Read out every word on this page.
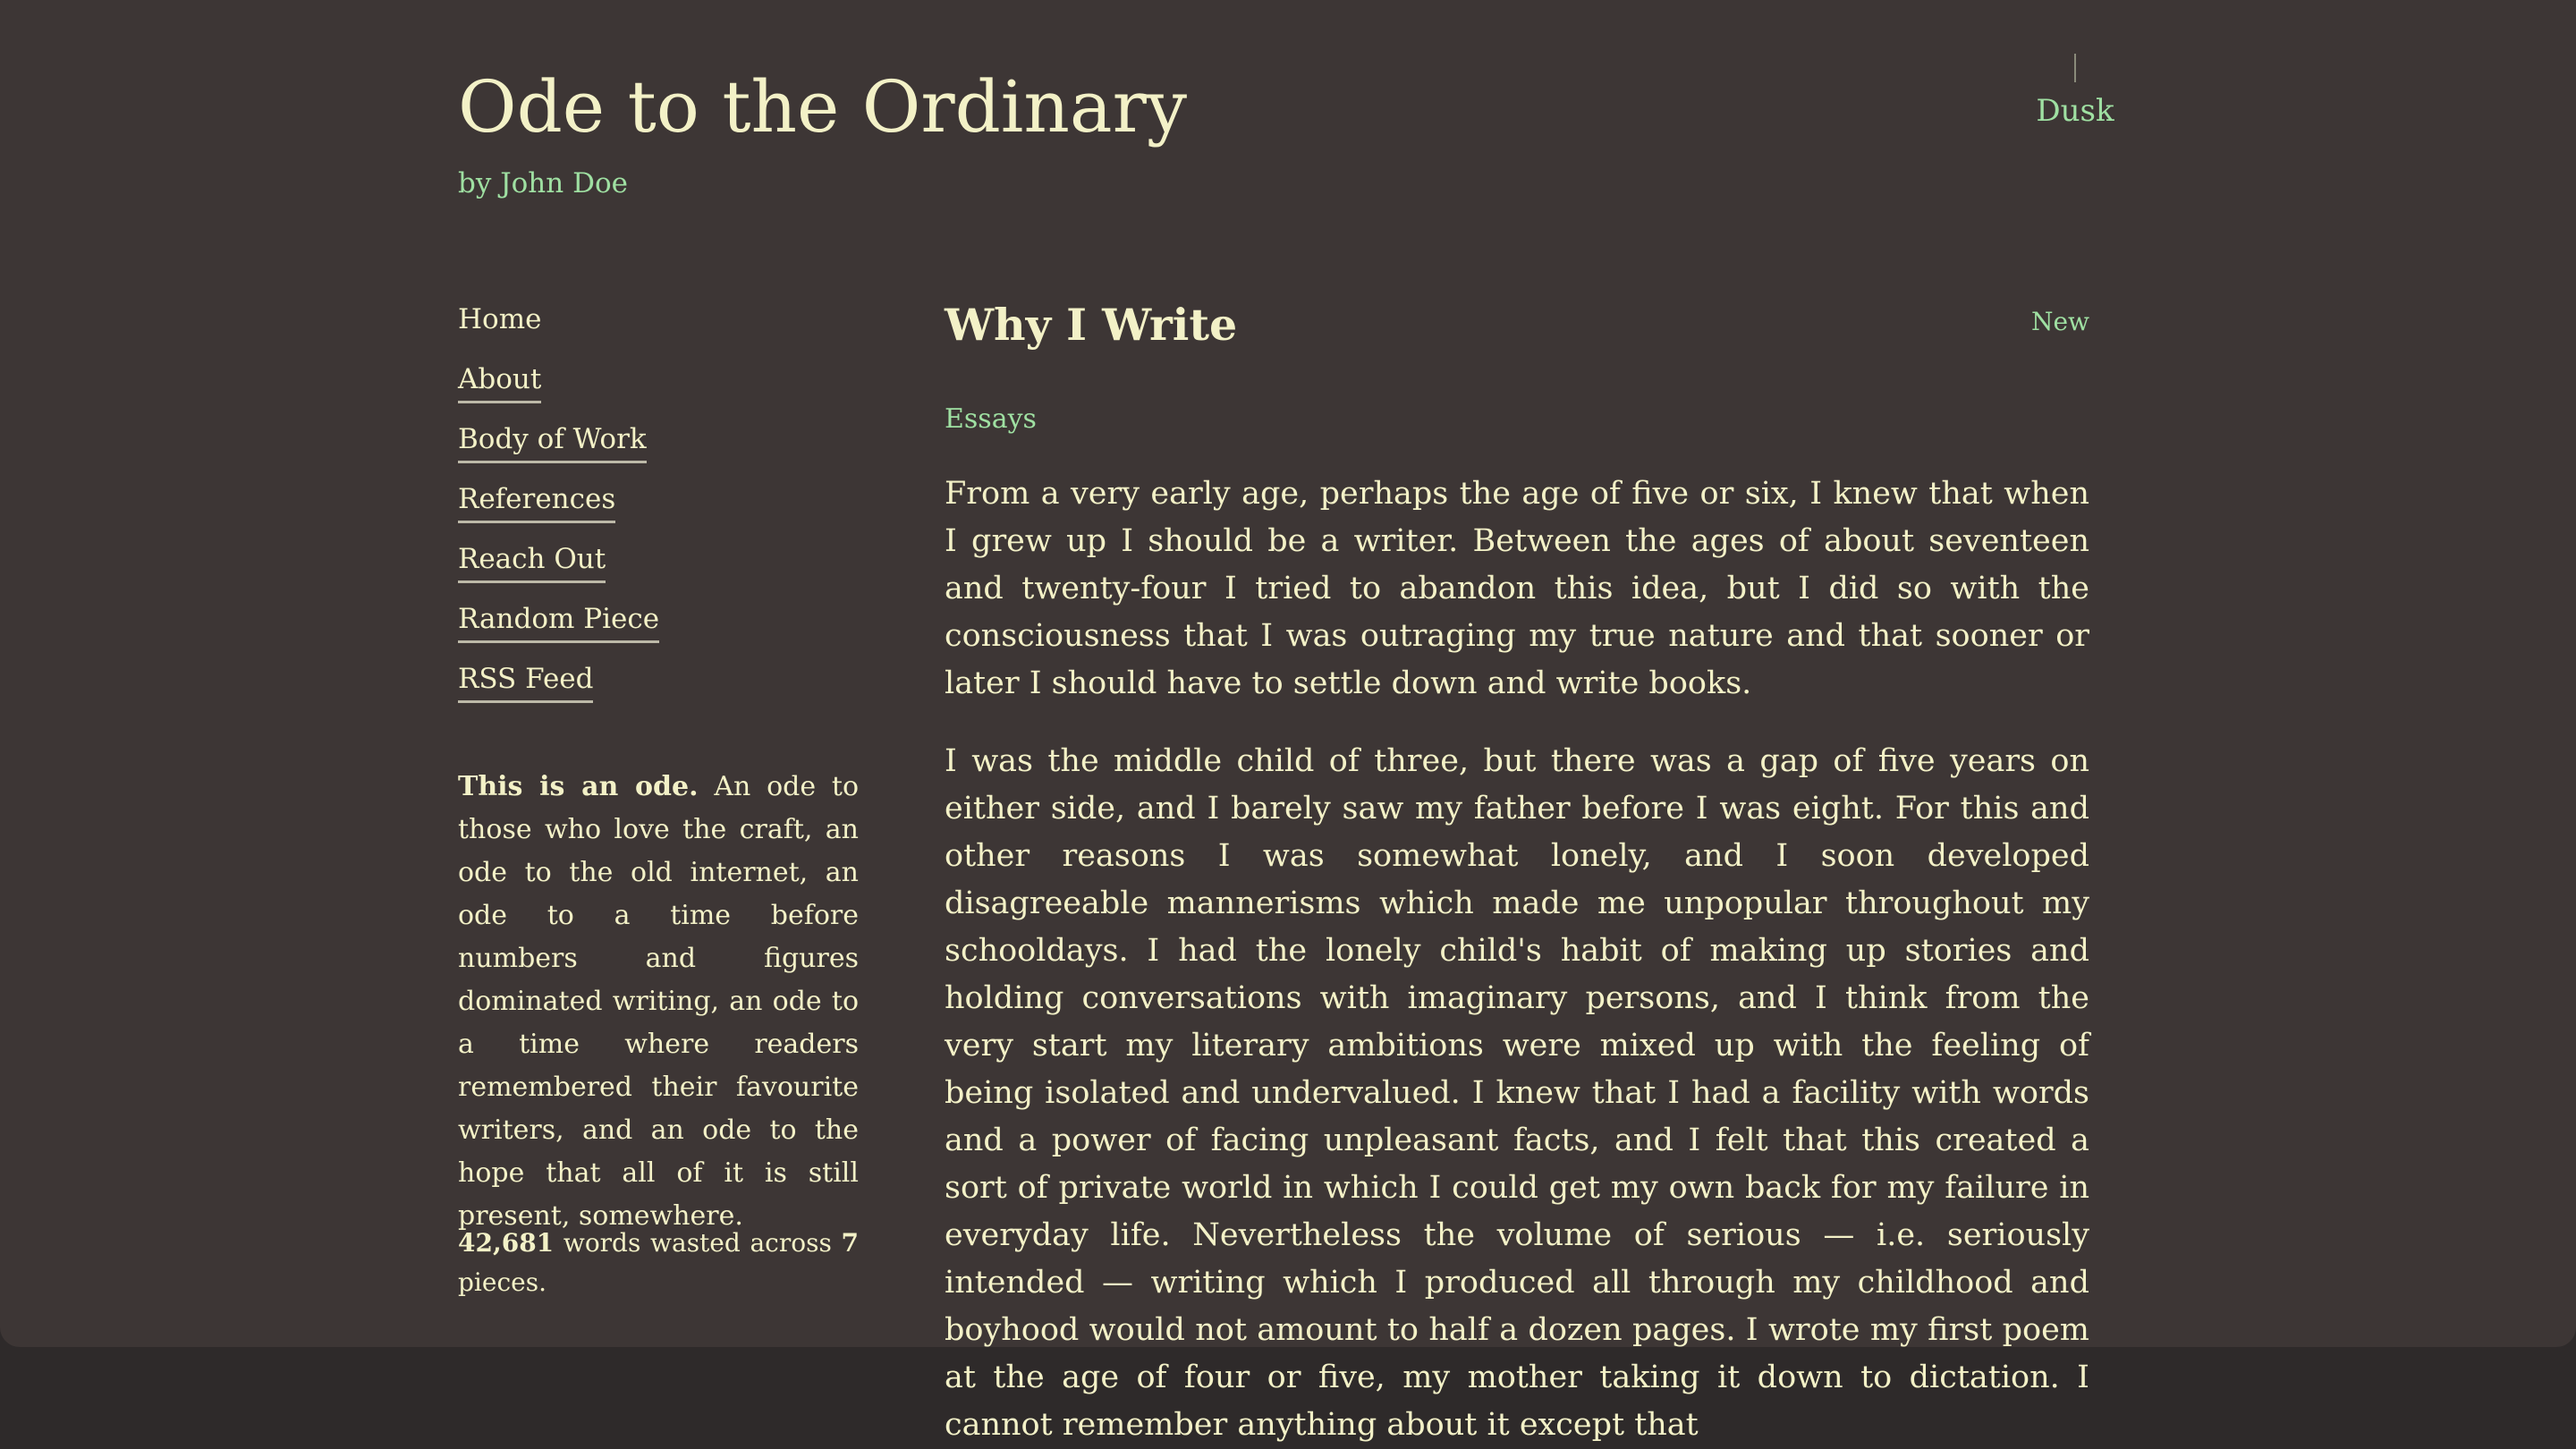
Ode to the Ordinary
by John Doe
Dusk
Home
About
Body of Work
References
Reach Out
Random Piece
RSS Feed

This is an ode. An ode to those who love the craft, an ode to the old internet, an ode to a time before numbers and figures dominated writing, an ode to a time where readers remembered their favourite writers, and an ode to the hope that all of it is still present, somewhere.

42,681 words wasted across 7 pieces.

Why I Write	New
Essays

From a very early age, perhaps the age of five or six, I knew that when I grew up I should be a writer. Between the ages of about seventeen and twenty-four I tried to abandon this idea, but I did so with the consciousness that I was outraging my true nature and that sooner or later I should have to settle down and write books.

I was the middle child of three, but there was a gap of five years on either side, and I barely saw my father before I was eight. For this and other reasons I was somewhat lonely, and I soon developed disagreeable mannerisms which made me unpopular throughout my schooldays. I had the lonely child's habit of making up stories and holding conversations with imaginary persons, and I think from the very start my literary ambitions were mixed up with the feeling of being isolated and undervalued. I knew that I had a facility with words and a power of facing unpleasant facts, and I felt that this created a sort of private world in which I could get my own back for my failure in everyday life. Nevertheless the volume of serious — i.e. seriously intended — writing which I produced all through my childhood and boyhood would not amount to half a dozen pages. I wrote my first poem at the age of four or five, my mother taking it down to dictation. I cannot remember anything about it except that
